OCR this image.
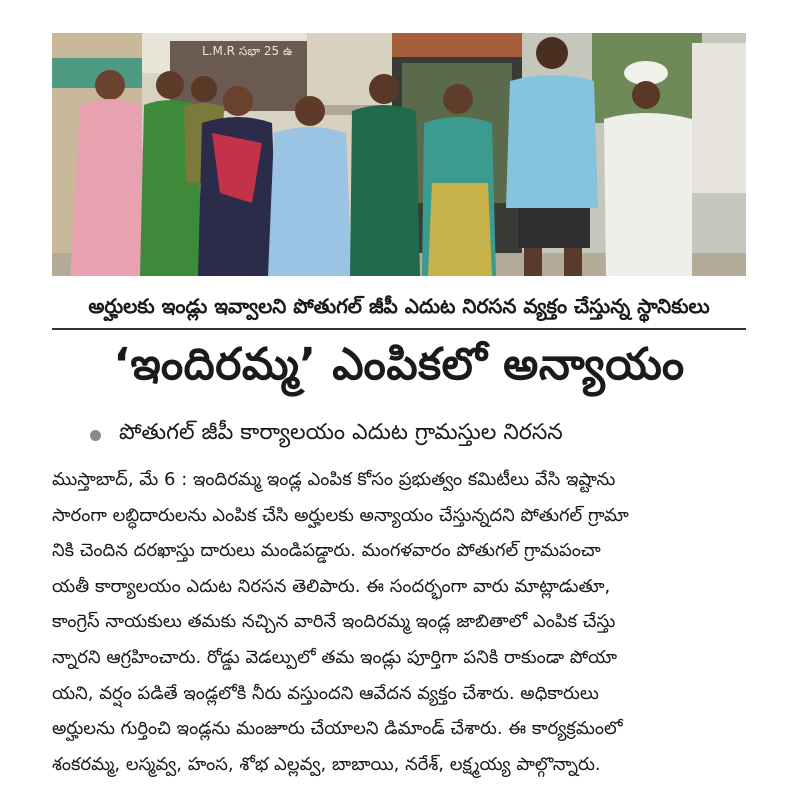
L.M.R సభా 25 ఉ
అర్హులకు ఇండ్లు ఇవ్వాలని పోతుగల్ జీపీ ఎదుట నిరసన వ్యక్తం చేస్తున్న స్థానికులు
‘ఇందిరమ్మ’ ఎంపికలో అన్యాయం
పోతుగల్ జీపీ కార్యాలయం ఎదుట గ్రామస్తుల నిరసన
ముస్తాబాద్, మే 6 : ఇందిరమ్మ ఇండ్ల ఎంపిక కోసం ప్రభుత్వం కమిటీలు వేసి ఇష్టాను
సారంగా లబ్ధిదారులను ఎంపిక చేసి అర్హులకు అన్యాయం చేస్తున్నదని పోతుగల్ గ్రామా
నికి చెందిన దరఖాస్తు దారులు మండిపడ్డారు. మంగళవారం పోతుగల్ గ్రామపంచా
యతీ కార్యాలయం ఎదుట నిరసన తెలిపారు. ఈ సందర్భంగా వారు మాట్లాడుతూ,
కాంగ్రెస్ నాయకులు తమకు నచ్చిన వారినే ఇందిరమ్మ ఇండ్ల జాబితాలో ఎంపిక చేస్తు
న్నారని ఆగ్రహించారు. రోడ్డు వెడల్పులో తమ ఇండ్లు పూర్తిగా పనికి రాకుండా పోయా
యని, వర్షం పడితే ఇండ్లలోకి నీరు వస్తుందని ఆవేదన వ్యక్తం చేశారు. అధికారులు
అర్హులను గుర్తించి ఇండ్లను మంజూరు చేయాలని డిమాండ్ చేశారు. ఈ కార్యక్రమంలో
శంకరమ్మ, లస్మవ్వ, హంస, శోభ ఎల్లవ్వ, బాబాయి, నరేశ్, లక్ష్మయ్య పాల్గొన్నారు.
